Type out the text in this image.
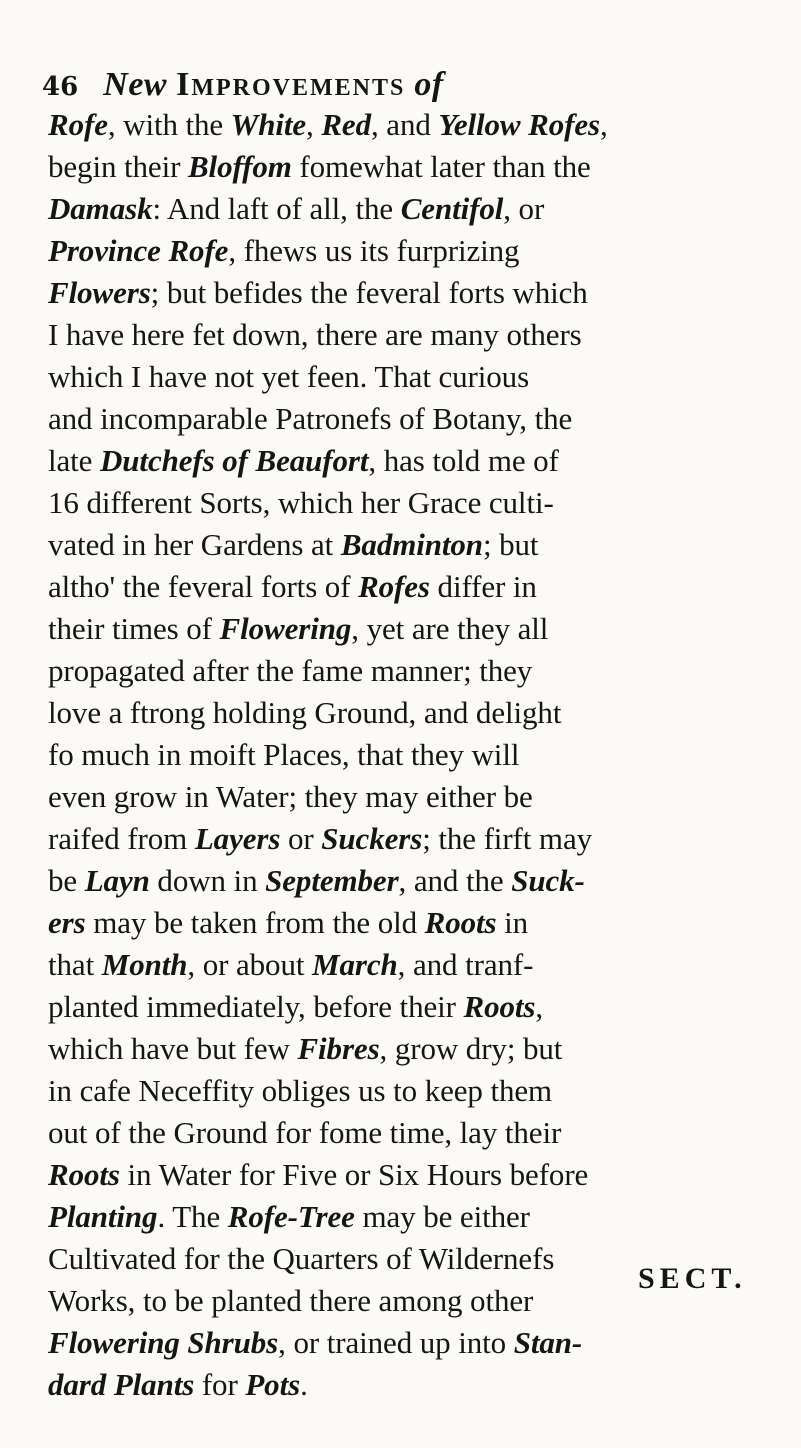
46 New Improvements of
Rofe, with the White, Red, and Yellow Rofes,
begin their Bloffom fomewhat later than the
Damask: And laft of all, the Centifol, or
Province Rofe, fhews us its furprizing
Flowers; but befides the feveral forts which
I have here fet down, there are many others
which I have not yet feen. That curious
and incomparable Patronefs of Botany, the
late Dutchefs of Beaufort, has told me of
16 different Sorts, which her Grace culti-
vated in her Gardens at Badminton; but
altho' the feveral forts of Rofes differ in
their times of Flowering, yet are they all
propagated after the fame manner; they
love a ftrong holding Ground, and delight
fo much in moift Places, that they will
even grow in Water; they may either be
raifed from Layers or Suckers; the firft may
be Layn down in September, and the Suck-
ers may be taken from the old Roots in
that Month, or about March, and tranf-
planted immediately, before their Roots,
which have but few Fibres, grow dry; but
in cafe Neceffity obliges us to keep them
out of the Ground for fome time, lay their
Roots in Water for Five or Six Hours before
Planting. The Rofe-Tree may be either
Cultivated for the Quarters of Wildernefs
Works, to be planted there among other
Flowering Shrubs, or trained up into Stan-
dard Plants for Pots.
SECT.
